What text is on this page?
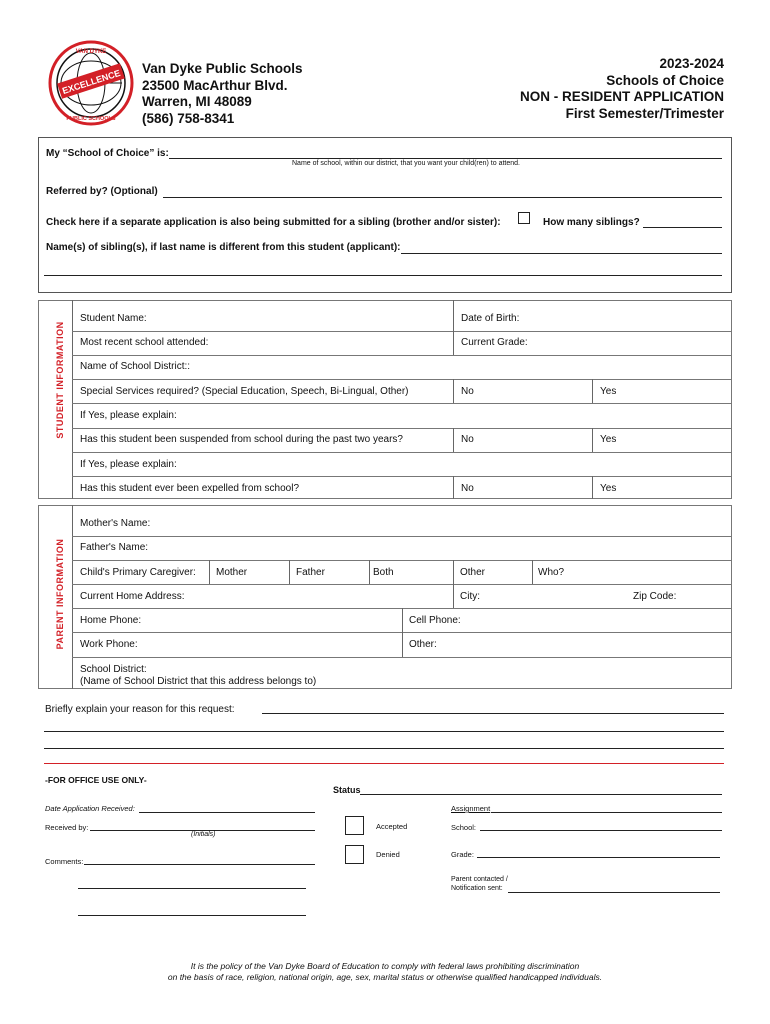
EXCELLENCE
VAN DYKE
PUBLIC SCHOOLS
Van Dyke Public Schools
23500 MacArthur Blvd.
Warren, MI 48089
(586) 758-8341
2023-2024
Schools of Choice
NON - RESIDENT APPLICATION
First Semester/Trimester
My “School of Choice” is:
Name of school, within our district, that you want your child(ren) to attend.
Referred by? (Optional)
Check here if a separate application is also being submitted for a sibling (brother and/or sister):	How many siblings?
Name(s) of sibling(s), if last name is different from this student (applicant):
STUDENT INFORMATION
Student Name:	Date of Birth:
Most recent school attended:	Current Grade:
Name of School District::
Special Services required? (Special Education, Speech, Bi-Lingual, Other)	No	Yes
If Yes, please explain:
Has this student been suspended from school during the past two years?	No	Yes
If Yes, please explain:
Has this student ever been expelled from school?	No	Yes
PARENT INFORMATION
Mother's Name:
Father's Name:
Child's Primary Caregiver: Mother	Father	Both	Other	Who?
Current Home Address:	City:	Zip Code:
Home Phone:	Cell Phone:
Work Phone:	Other:
School District:
(Name of School District that this address belongs to)
Briefly explain your reason for this request:
-FOR OFFICE USE ONLY-
Status
Date Application Received:
Received by:
(Initials)
Comments:
Accepted
Denied
Assignment
School:
Grade:
Parent contacted /
Notification sent:
It is the policy of the Van Dyke Board of Education to comply with federal laws prohibiting discrimination
on the basis of race, religion, national origin, age, sex, marital status or otherwise qualified handicapped individuals.
